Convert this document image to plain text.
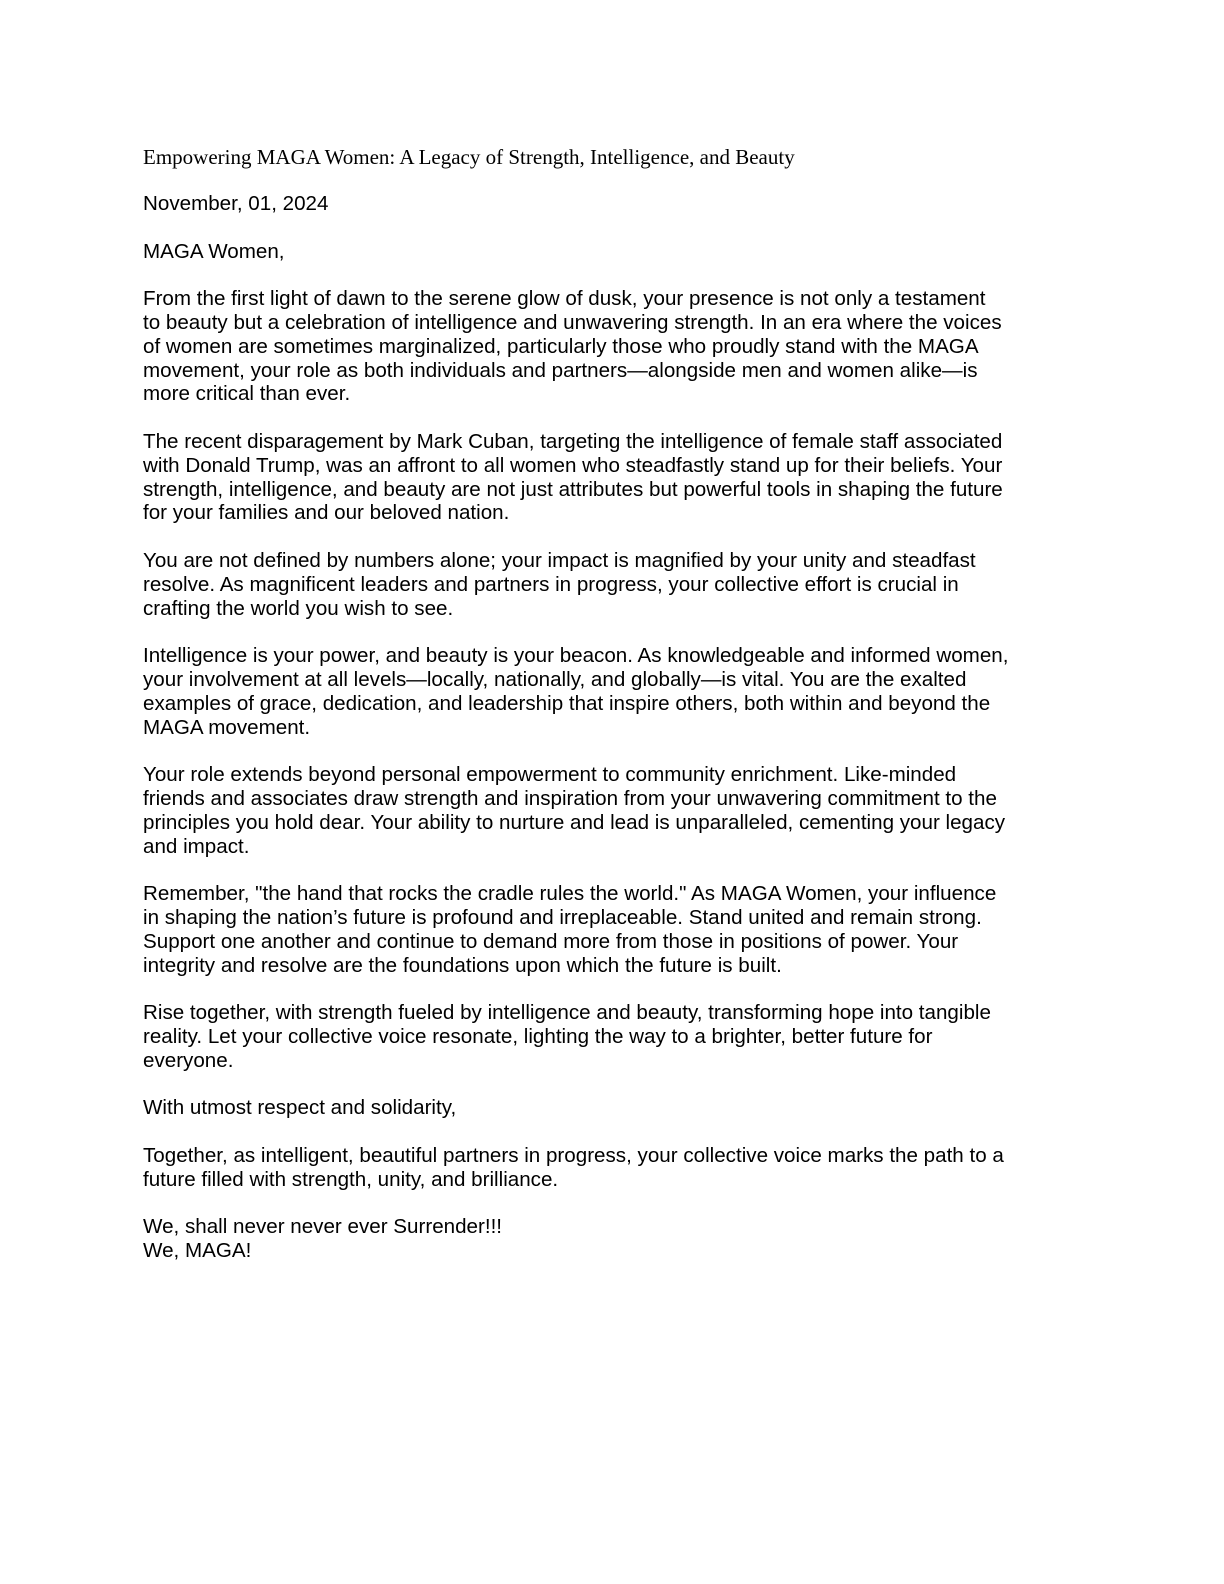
Empowering MAGA Women: A Legacy of Strength, Intelligence, and Beauty
November, 01, 2024
MAGA Women,
From the first light of dawn to the serene glow of dusk, your presence is not only a testament
to beauty but a celebration of intelligence and unwavering strength. In an era where the voices
of women are sometimes marginalized, particularly those who proudly stand with the MAGA
movement, your role as both individuals and partners—alongside men and women alike—is
more critical than ever.
The recent disparagement by Mark Cuban, targeting the intelligence of female staff associated
with Donald Trump, was an affront to all women who steadfastly stand up for their beliefs. Your
strength, intelligence, and beauty are not just attributes but powerful tools in shaping the future
for your families and our beloved nation.
You are not defined by numbers alone; your impact is magnified by your unity and steadfast
resolve. As magnificent leaders and partners in progress, your collective effort is crucial in
crafting the world you wish to see.
Intelligence is your power, and beauty is your beacon. As knowledgeable and informed women,
your involvement at all levels—locally, nationally, and globally—is vital. You are the exalted
examples of grace, dedication, and leadership that inspire others, both within and beyond the
MAGA movement.
Your role extends beyond personal empowerment to community enrichment. Like-minded
friends and associates draw strength and inspiration from your unwavering commitment to the
principles you hold dear. Your ability to nurture and lead is unparalleled, cementing your legacy
and impact.
Remember, "the hand that rocks the cradle rules the world." As MAGA Women, your influence
in shaping the nation’s future is profound and irreplaceable. Stand united and remain strong.
Support one another and continue to demand more from those in positions of power. Your
integrity and resolve are the foundations upon which the future is built.
Rise together, with strength fueled by intelligence and beauty, transforming hope into tangible
reality. Let your collective voice resonate, lighting the way to a brighter, better future for
everyone.
With utmost respect and solidarity,
Together, as intelligent, beautiful partners in progress, your collective voice marks the path to a
future filled with strength, unity, and brilliance.
We, shall never never ever Surrender!!!
We, MAGA!
